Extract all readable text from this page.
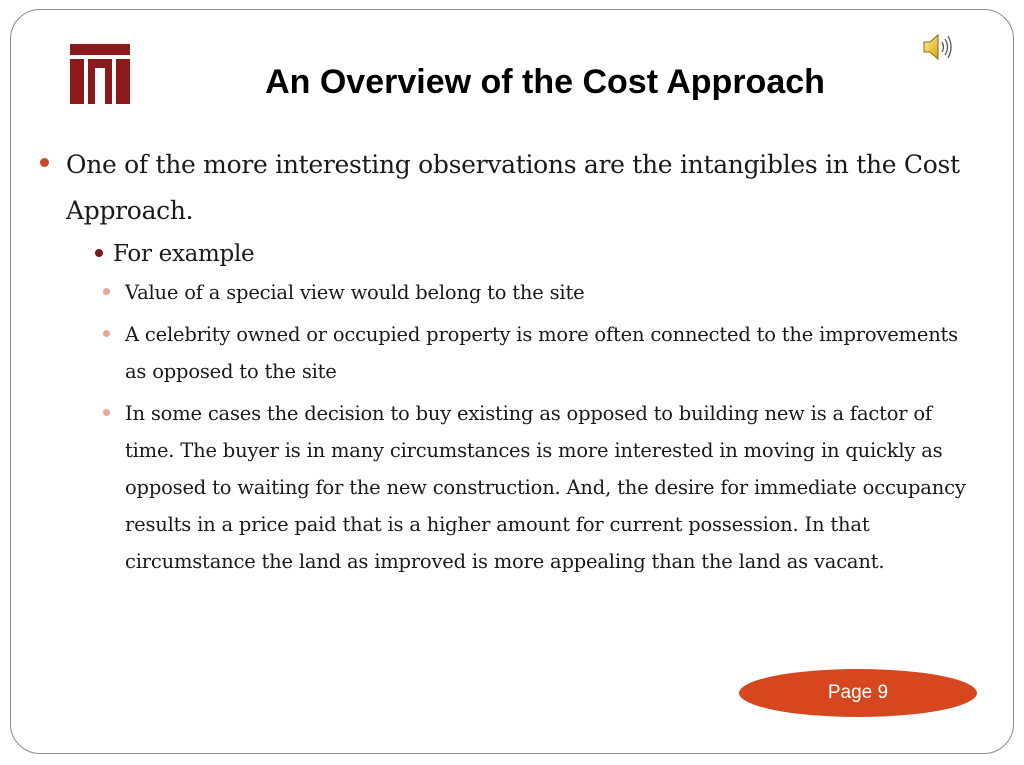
An Overview of the Cost Approach
One of the more interesting observations are the intangibles in the Cost Approach.
For example
Value of a special view would belong to the site
A celebrity owned or occupied property is more often connected to the improvements as opposed to the site
In some cases the decision to buy existing as opposed to building new is a factor of time. The buyer is in many circumstances is more interested in moving in quickly as opposed to waiting for the new construction. And, the desire for immediate occupancy results in a price paid that is a higher amount for current possession. In that circumstance the land as improved is more appealing than the land as vacant.
Page 9
